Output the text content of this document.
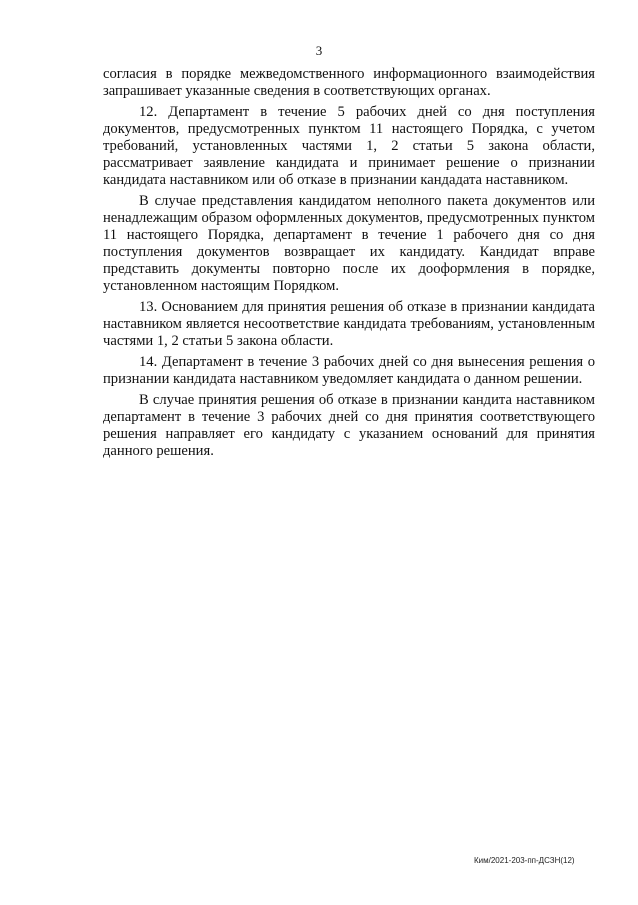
3

согласия в порядке межведомственного информационного взаимодействия запрашивает указанные сведения в соответствующих органах.

12. Департамент в течение 5 рабочих дней со дня поступления документов, предусмотренных пунктом 11 настоящего Порядка, с учетом требований, установленных частями 1, 2 статьи 5 закона области, рассматривает заявление кандидата и принимает решение о признании кандидата наставником или об отказе в признании кандадата наставником.

В случае представления кандидатом неполного пакета документов или ненадлежащим образом оформленных документов, предусмотренных пунктом 11 настоящего Порядка, департамент в течение 1 рабочего дня со дня поступления документов возвращает их кандидату. Кандидат вправе представить документы повторно после их дооформления в порядке, установленном настоящим Порядком.

13. Основанием для принятия решения об отказе в признании кандидата наставником является несоответствие кандидата требованиям, установленным частями 1, 2 статьи 5 закона области.

14. Департамент в течение 3 рабочих дней со дня вынесения решения о признании кандидата наставником уведомляет кандидата о данном решении.

В случае принятия решения об отказе в признании кандита наставником департамент в течение 3 рабочих дней со дня принятия соответствующего решения направляет его кандидату с указанием оснований для принятия данного решения.

Ким/2021-203-пп-ДСЗН(12)
